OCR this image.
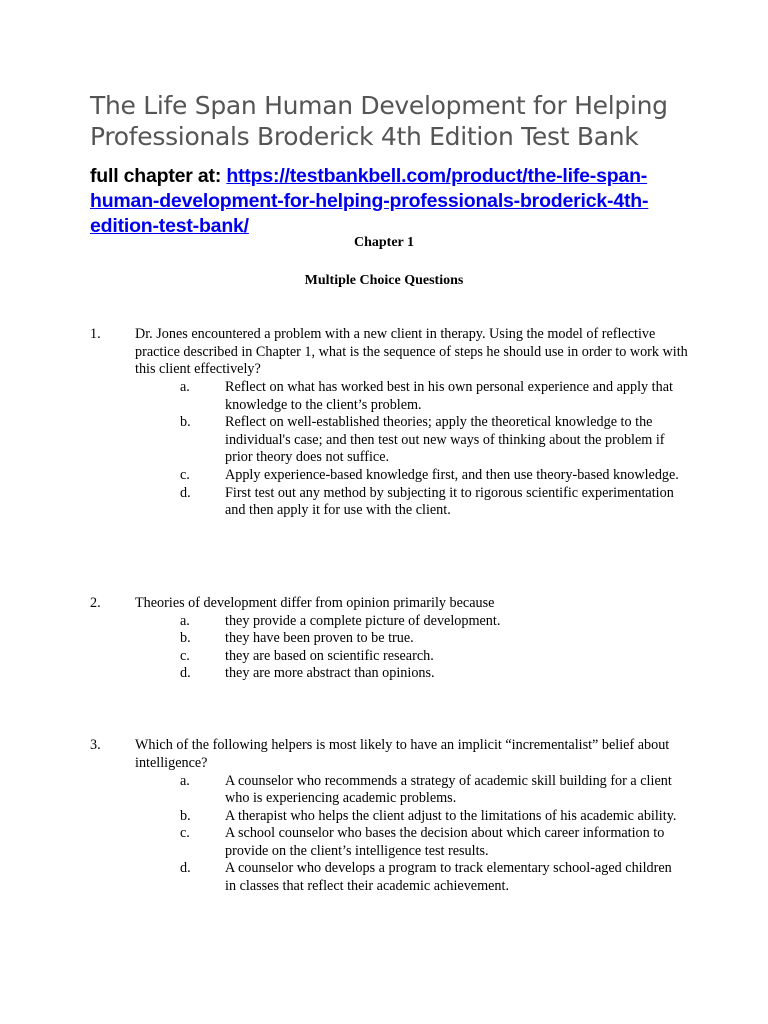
The Life Span Human Development for Helping Professionals Broderick 4th Edition Test Bank
full chapter at: https://testbankbell.com/product/the-life-span-human-development-for-helping-professionals-broderick-4th-edition-test-bank/
Chapter 1
Multiple Choice Questions
1. Dr. Jones encountered a problem with a new client in therapy. Using the model of reflective practice described in Chapter 1, what is the sequence of steps he should use in order to work with this client effectively?
a. Reflect on what has worked best in his own personal experience and apply that knowledge to the client’s problem.
b. Reflect on well-established theories; apply the theoretical knowledge to the individual's case; and then test out new ways of thinking about the problem if prior theory does not suffice.
c. Apply experience-based knowledge first, and then use theory-based knowledge.
d. First test out any method by subjecting it to rigorous scientific experimentation and then apply it for use with the client.
2. Theories of development differ from opinion primarily because
a. they provide a complete picture of development.
b. they have been proven to be true.
c. they are based on scientific research.
d. they are more abstract than opinions.
3. Which of the following helpers is most likely to have an implicit “incrementalist” belief about intelligence?
a. A counselor who recommends a strategy of academic skill building for a client who is experiencing academic problems.
b. A therapist who helps the client adjust to the limitations of his academic ability.
c. A school counselor who bases the decision about which career information to provide on the client’s intelligence test results.
d. A counselor who develops a program to track elementary school-aged children in classes that reflect their academic achievement.
